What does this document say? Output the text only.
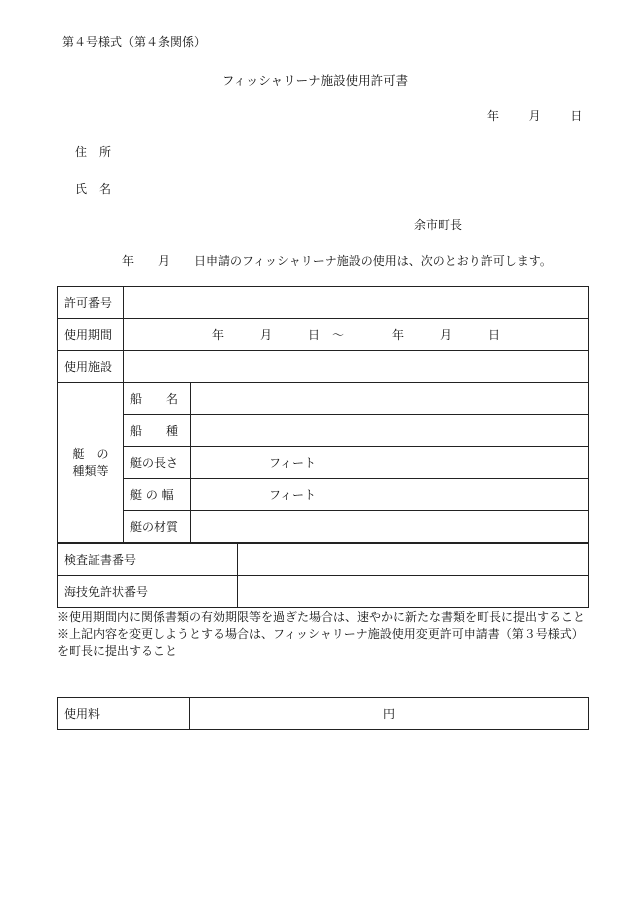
第４号様式（第４条関係）
フィッシャリーナ施設使用許可書
年 月 日
住　所
氏　名
余市町長
年　　月　　日申請のフィッシャリーナ施設の使用は、次のとおり許可します。
許可番号		
使用期間	年　　　月　　　日　～　　　　年　　　月　　　日	
使用施設		
艇　の
種類等	船　　名	
	船　　種	
	艇の長さ	フィート
	艇 の 幅	フィート
	艇の材質	
検査証書番号	
海技免許状番号	
※使用期間内に関係書類の有効期限等を過ぎた場合は、速やかに新たな書類を町長に提出すること
※上記内容を変更しようとする場合は、フィッシャリーナ施設使用変更許可申請書（第３号様式）を町長に提出すること
使用料	円
